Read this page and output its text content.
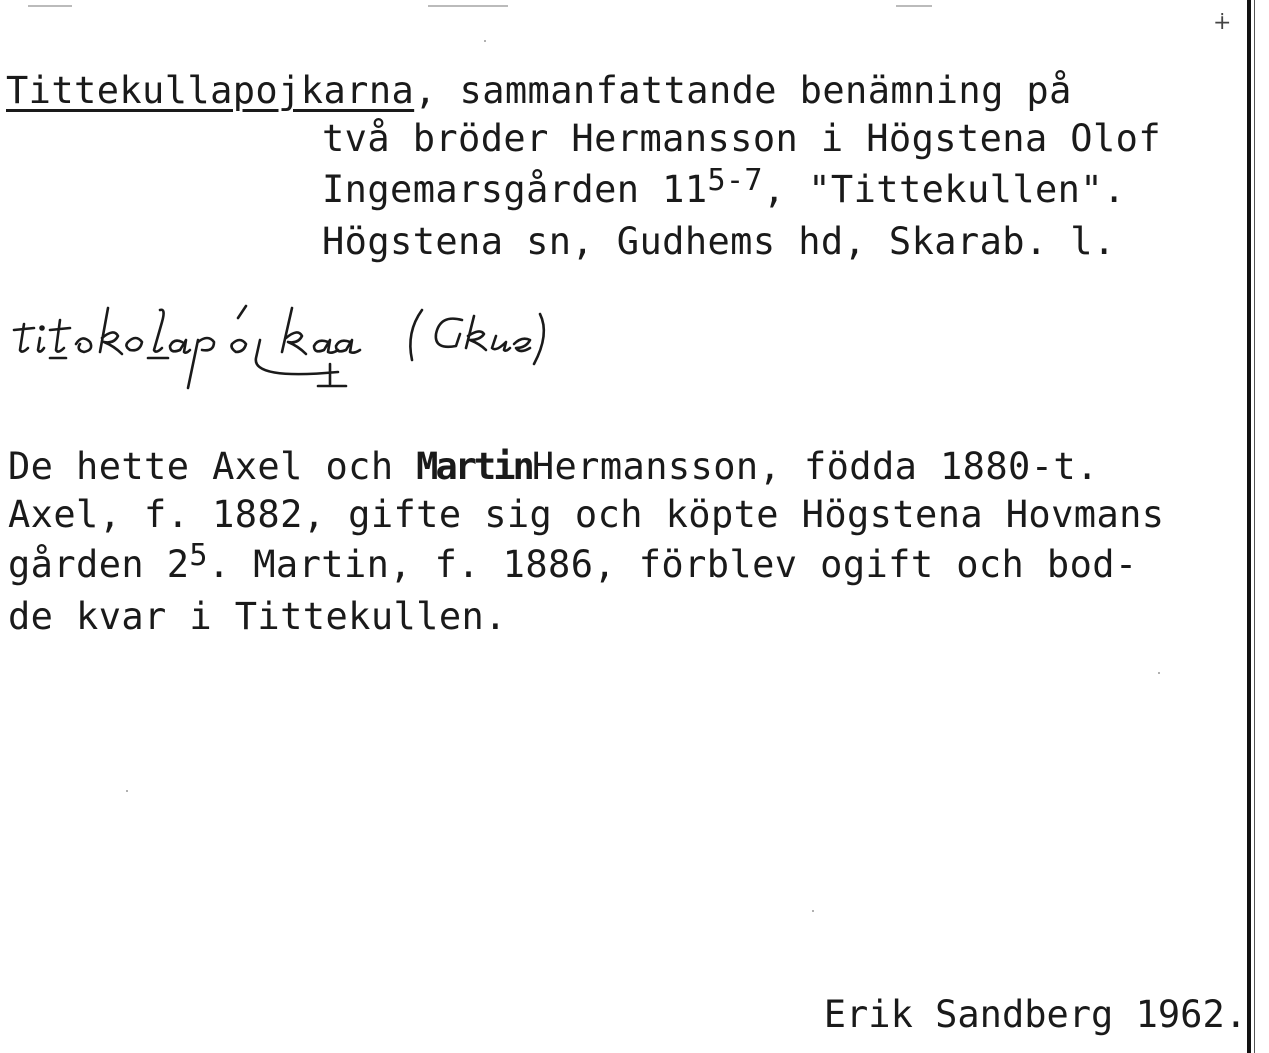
∔
Tittekullapojkarna, sammanfattande benämning på
två bröder Hermansson i Högstena Olof
Ingemarsgården 11$^{5-7}$, "Tittekullen".
Högstena sn, Gudhems hd, Skarab. l.
De hette Axel och MartinHermansson, födda 1880-t.
Axel, f. 1882, gifte sig och köpte Högstena Hovmans
gården $2^5$. Martin, f. 1886, förblev ogift och bod-
de kvar i Tittekullen.
Erik Sandberg 1962.
